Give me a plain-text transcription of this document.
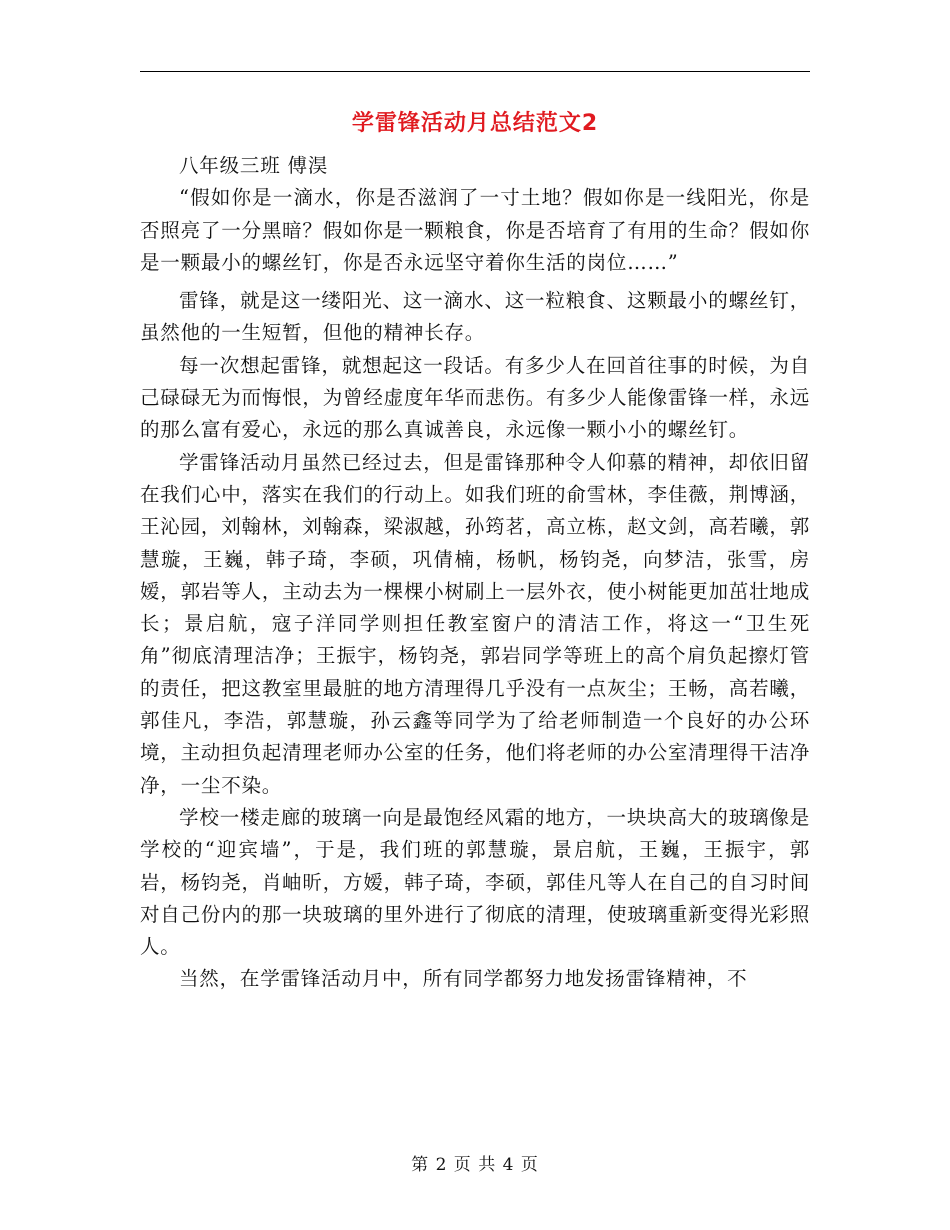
学雷锋活动月总结范文2

八年级三班 傅淏

“假如你是一滴水，你是否滋润了一寸土地？假如你是一线阳光，你是否照亮了一分黑暗？假如你是一颗粮食，你是否培育了有用的生命？假如你是一颗最小的螺丝钉，你是否永远坚守着你生活的岗位……”

雷锋，就是这一缕阳光、这一滴水、这一粒粮食、这颗最小的螺丝钉，虽然他的一生短暂，但他的精神长存。

每一次想起雷锋，就想起这一段话。有多少人在回首往事的时候，为自己碌碌无为而悔恨，为曾经虚度年华而悲伤。有多少人能像雷锋一样，永远的那么富有爱心，永远的那么真诚善良，永远像一颗小小的螺丝钉。

学雷锋活动月虽然已经过去，但是雷锋那种令人仰慕的精神，却依旧留在我们心中，落实在我们的行动上。如我们班的俞雪林，李佳薇，荆博涵，王沁园，刘翰林，刘翰森，梁淑越，孙筠茗，高立栋，赵文剑，高若曦，郭慧璇，王巍，韩子琦，李硕，巩倩楠，杨帆，杨钧尧，向梦洁，张雪，房嫒，郭岩等人，主动去为一棵棵小树刷上一层外衣，使小树能更加茁壮地成长；景启航，寇子洋同学则担任教室窗户的清洁工作，将这一“卫生死角”彻底清理洁净；王振宇，杨钧尧，郭岩同学等班上的高个肩负起擦灯管的责任，把这教室里最脏的地方清理得几乎没有一点灰尘；王畅，高若曦，郭佳凡，李浩，郭慧璇，孙云鑫等同学为了给老师制造一个良好的办公环境，主动担负起清理老师办公室的任务，他们将老师的办公室清理得干洁净净，一尘不染。

学校一楼走廊的玻璃一向是最饱经风霜的地方，一块块高大的玻璃像是学校的“迎宾墙”，于是，我们班的郭慧璇，景启航，王巍，王振宇，郭岩，杨钧尧，肖岫昕，方嫒，韩子琦，李硕，郭佳凡等人在自己的自习时间对自己份内的那一块玻璃的里外进行了彻底的清理，使玻璃重新变得光彩照人。

当然，在学雷锋活动月中，所有同学都努力地发扬雷锋精神，不

第 2 页 共 4 页
